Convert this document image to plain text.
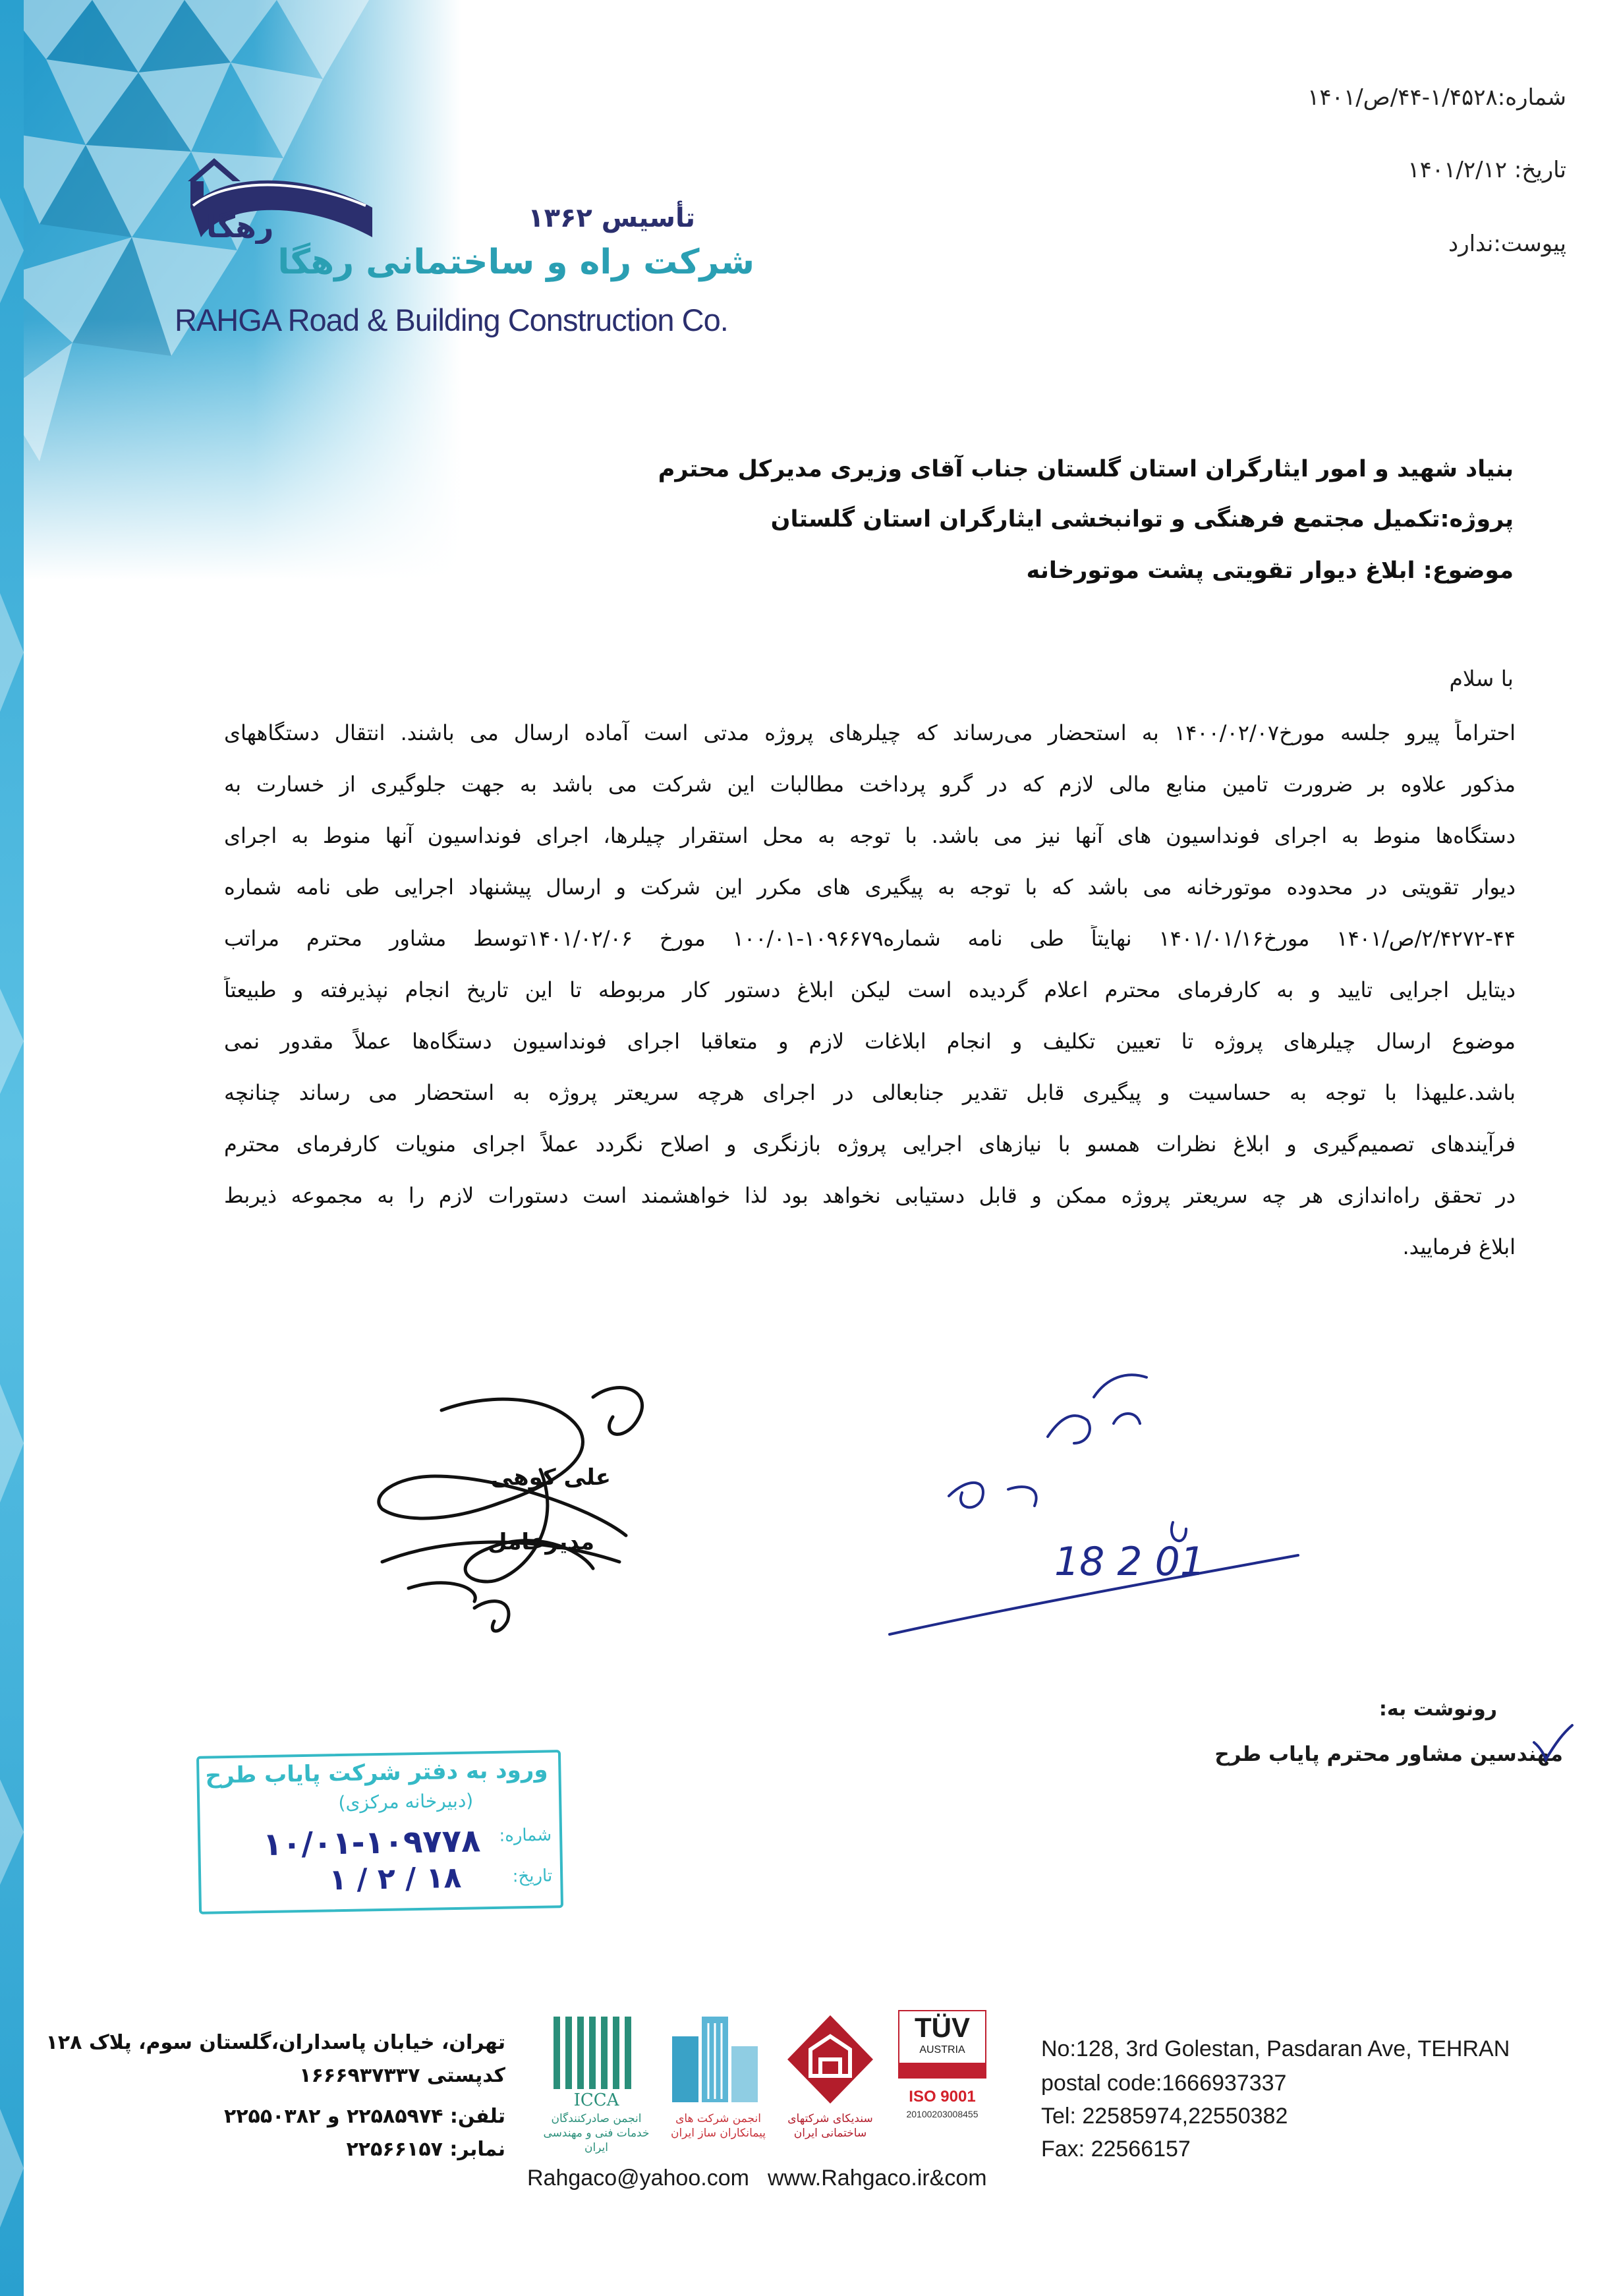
رهگا	تأسیس ۱۳۶۲
شرکت راه و ساختمانی رهگا
RAHGA Road & Building Construction Co.
شماره:۱/۴۵۲۸-۴۴/ص/۱۴۰۱
تاریخ: ۱۴۰۱/۲/۱۲
پیوست:ندارد
بنیاد شهید و امور ایثارگران استان گلستان جناب آقای وزیری مدیرکل محترم
پروژه:تکمیل مجتمع فرهنگی و توانبخشی ایثارگران استان گلستان
موضوع: ابلاغ دیوار تقویتی پشت موتورخانه
با سلام
احتراماً پیرو جلسه مورخ۱۴۰۰/۰۲/۰۷ به استحضار می‌رساند که چیلرهای پروژه مدتی است آماده ارسال می باشند. انتقال دستگاههای
مذکور علاوه بر ضرورت تامین منابع مالی لازم که در گرو پرداخت مطالبات این شرکت می باشد به جهت جلوگیری از خسارت به
دستگاه‌ها منوط به اجرای فونداسیون های آنها نیز می باشد. با توجه به محل استقرار چیلرها، اجرای فونداسیون آنها منوط به اجرای
دیوار تقویتی در محدوده موتورخانه می باشد که با توجه به پیگیری های مکرر این شرکت و ارسال پیشنهاد اجرایی طی نامه شماره
۲/۴۲۷۲-۴۴/ص/۱۴۰۱ مورخ۱۴۰۱/۰۱/۱۶ نهایتاً طی نامه شماره۱۰۹۶۶۷۹-۱۰۰/۰۱ مورخ ۱۴۰۱/۰۲/۰۶توسط مشاور محترم مراتب
دیتایل اجرایی تایید و به کارفرمای محترم اعلام گردیده است لیکن ابلاغ دستور کار مربوطه تا این تاریخ انجام نپذیرفته و طبیعتاً
موضوع ارسال چیلرهای پروژه تا تعیین تکلیف و انجام ابلاغات لازم و متعاقبا اجرای فونداسیون دستگاه‌ها عملاً مقدور نمی
باشد.علیهذا با توجه به حساسیت و پیگیری قابل تقدیر جنابعالی در اجرای هرچه سریعتر پروژه به استحضار می رساند چنانچه
فرآیندهای تصمیم‌گیری و ابلاغ نظرات همسو با نیازهای اجرایی پروژه بازنگری و اصلاح نگردد عملاً اجرای منویات کارفرمای محترم
در تحقق راه‌اندازی هر چه سریعتر پروژه ممکن و قابل دستیابی نخواهد بود لذا خواهشمند است دستورات لازم را به مجموعه ذیربط
ابلاغ فرمایید.
علی کوهی
مدیرعامل	18 2 01
رونوشت به:
مهندسین مشاور محترم پایاب طرح
ورود به دفتر شرکت پایاب طرح
(دبیرخانه مرکزی)
شماره:
۱۰/۰۱-۱۰۹۷۷۸
تاریخ:
۱۸ / ۲ / ۱
تهران، خیابان پاسداران،گلستان سوم، پلاک ۱۲۸
کدپستی ۱۶۶۶۹۳۷۳۳۷
تلفن: ۲۲۵۸۵۹۷۴ و ۲۲۵۵۰۳۸۲
نمابر: ۲۲۵۶۶۱۵۷
ICCA
انجمن صادرکنندگان خدمات فنی و مهندسی ایران
انجمن شرکت های پیمانکاران ساز ایران
سندیکای شرکتهای ساختمانی ایران
TÜV
AUSTRIA
ISO 9001
20100203008455
No:128, 3rd Golestan, Pasdaran Ave, TEHRAN
postal code:1666937337
Tel: 22585974,22550382
Fax: 22566157
Rahgaco@yahoo.com www.Rahgaco.ir&com
